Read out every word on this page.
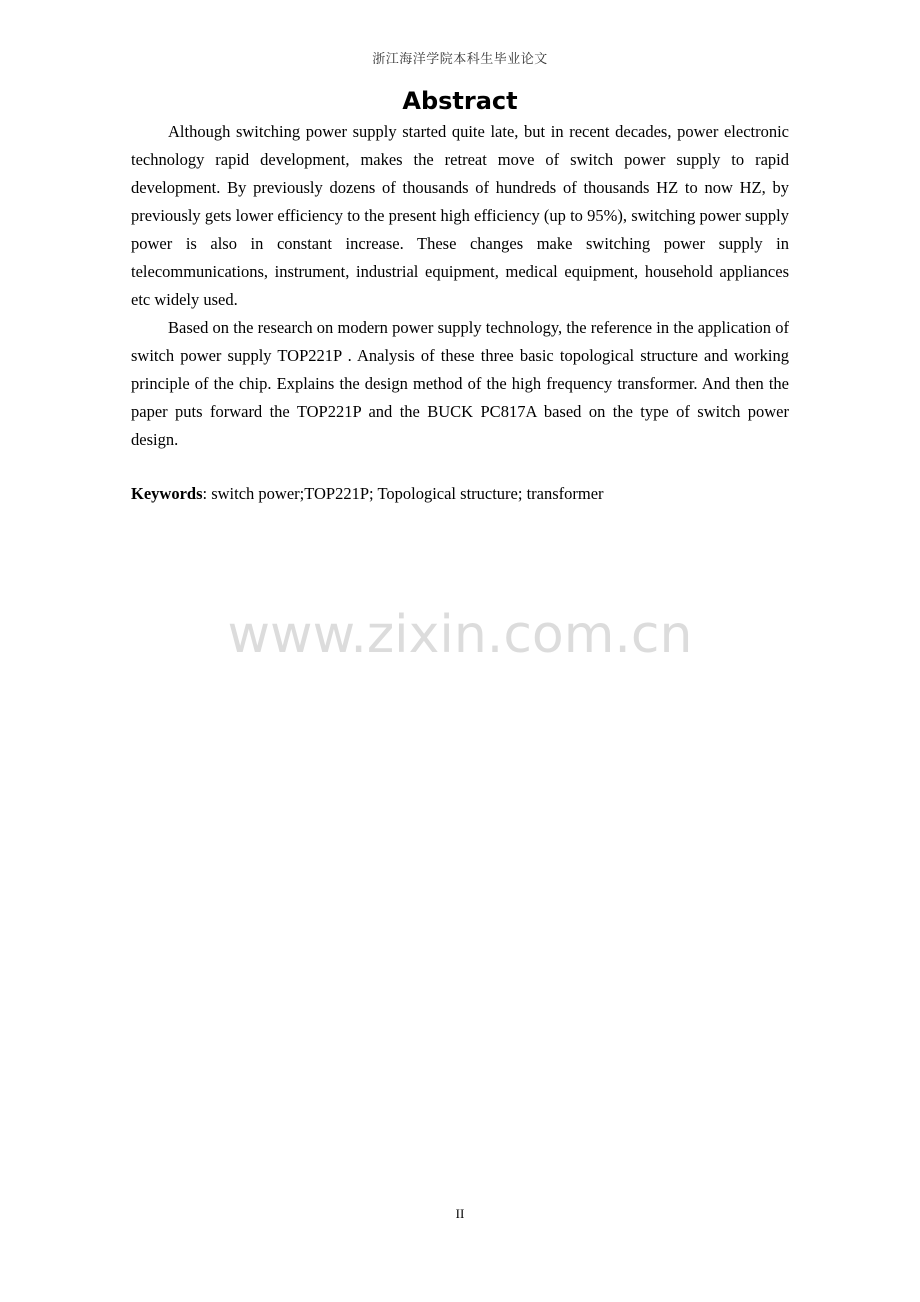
浙江海洋学院本科生毕业论文
Abstract

Although switching power supply started quite late, but in recent decades, power electronic technology rapid development, makes the retreat move of switch power supply to rapid development. By previously dozens of thousands of hundreds of thousands HZ to now HZ, by previously gets lower efficiency to the present high efficiency (up to 95%), switching power supply power is also in constant increase. These changes make switching power supply in telecommunications, instrument, industrial equipment, medical equipment, household appliances etc widely used.

Based on the research on modern power supply technology, the reference in the application of switch power supply TOP221P . Analysis of these three basic topological structure and working principle of the chip. Explains the design method of the high frequency transformer. And then the paper puts forward the TOP221P and the BUCK PC817A based on the type of switch power design.

Keywords: switch power;TOP221P; Topological structure; transformer
www.zixin.com.cn
II
